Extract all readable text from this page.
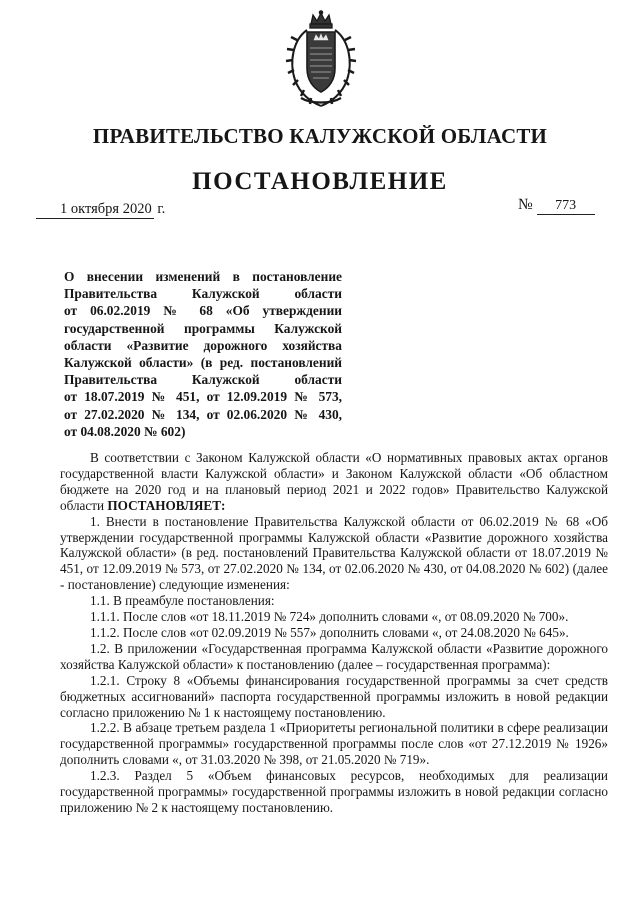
ПРАВИТЕЛЬСТВО КАЛУЖСКОЙ ОБЛАСТИ
ПОСТАНОВЛЕНИЕ
1 октября 2020 г.	№ 773
О внесении изменений в постановление
Правительства Калужской области
от 06.02.2019 № 68 «Об утверждении
государственной программы Калужской
области «Развитие дорожного хозяйства
Калужской области» (в ред. постановлений
Правительства Калужской области
от 18.07.2019 № 451, от 12.09.2019 № 573,
от 27.02.2020 № 134, от 02.06.2020 № 430,
от 04.08.2020 № 602)

В соответствии с Законом Калужской области «О нормативных правовых актах органов государственной власти Калужской области» и Законом Калужской области «Об областном бюджете на 2020 год и на плановый период 2021 и 2022 годов» Правительство Калужской области ПОСТАНОВЛЯЕТ:

1. Внести в постановление Правительства Калужской области от 06.02.2019 № 68 «Об утверждении государственной программы Калужской области «Развитие дорожного хозяйства Калужской области» (в ред. постановлений Правительства Калужской области от 18.07.2019 № 451, от 12.09.2019 № 573, от 27.02.2020 № 134, от 02.06.2020 № 430, от 04.08.2020 № 602) (далее - постановление) следующие изменения:

1.1. В преамбуле постановления:

1.1.1. После слов «от 18.11.2019 № 724» дополнить словами «, от 08.09.2020 № 700».

1.1.2. После слов «от 02.09.2019 № 557» дополнить словами «, от 24.08.2020 № 645».

1.2. В приложении «Государственная программа Калужской области «Развитие дорожного хозяйства Калужской области» к постановлению (далее – государственная программа):

1.2.1. Строку 8 «Объемы финансирования государственной программы за счет средств бюджетных ассигнований» паспорта государственной программы изложить в новой редакции согласно приложению № 1 к настоящему постановлению.

1.2.2. В абзаце третьем раздела 1 «Приоритеты региональной политики в сфере реализации государственной программы» государственной программы после слов «от 27.12.2019 № 1926» дополнить словами «, от 31.03.2020 № 398, от 21.05.2020 № 719».

1.2.3. Раздел 5 «Объем финансовых ресурсов, необходимых для реализации государственной программы» государственной программы изложить в новой редакции согласно приложению № 2 к настоящему постановлению.
